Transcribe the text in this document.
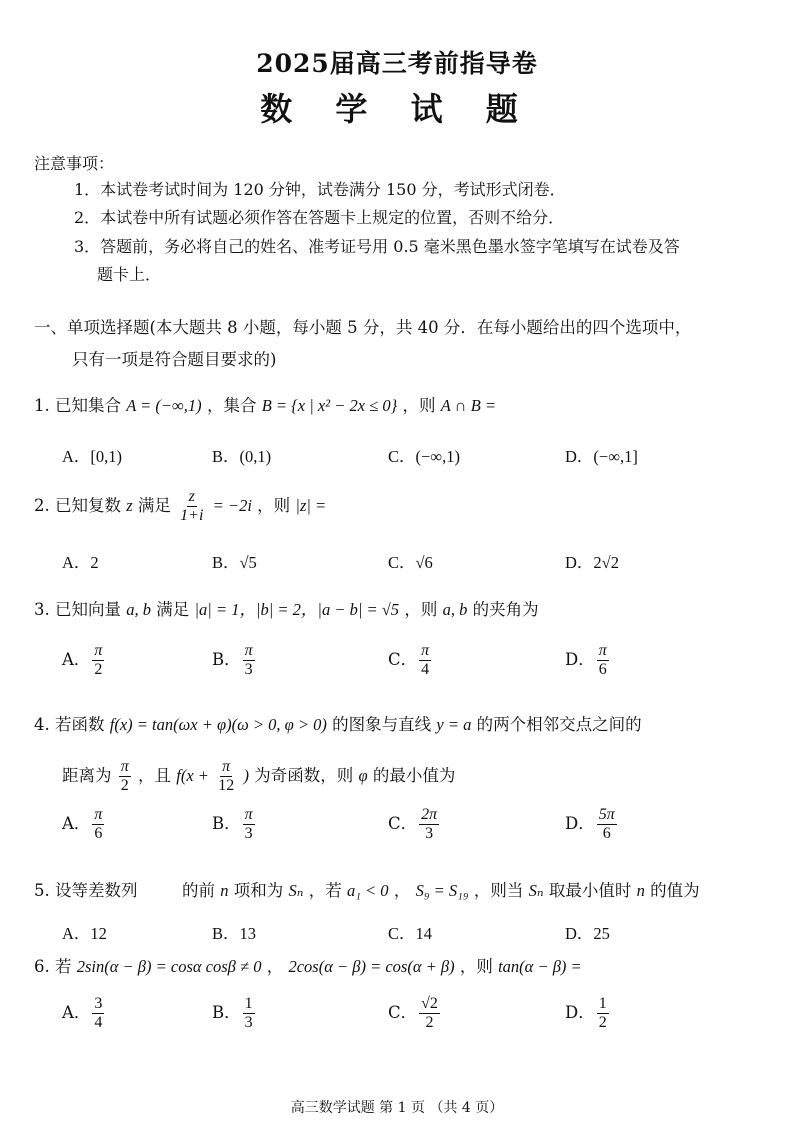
2025届高三考前指导卷
数 学 试 题
注意事项：
1．本试卷考试时间为 120 分钟，试卷满分 150 分，考试形式闭卷．
2．本试卷中所有试题必须作答在答题卡上规定的位置，否则不给分．
3．答题前，务必将自己的姓名、准考证号用 0.5 毫米黑色墨水签字笔填写在试卷及答
题卡上．
一、单项选择题(本大题共 8 小题，每小题 5 分，共 40 分．在每小题给出的四个选项中，
只有一项是符合题目要求的)
1. 已知集合 A = (−∞,1) ，集合 B = {x | x² − 2x ≤ 0} ，则 A ∩ B =
A．[0,1)	B．(0,1)	C．(−∞,1)	D．(−∞,1]
2. 已知复数 z 满足 $\frac{z}{1+i} = -2i$ ，则 |z| =
A．2	B．√5	C．√6	D．2√2
3. 已知向量 a, b 满足 |a| = 1，|b| = 2，|a − b| = √5 ，则 a, b 的夹角为
A． $\frac{\pi}{2}$	B． $\frac{\pi}{3}$	C． $\frac{\pi}{4}$	D． $\frac{\pi}{6}$
4. 若函数 f(x) = tan(ωx + φ)(ω > 0, φ > 0) 的图象与直线 y = a 的两个相邻交点之间的
距离为 $\frac{\pi}{2}$ ，且 $f(x + \frac{\pi}{12}$ ) 为奇函数，则 φ 的最小值为
A． $\frac{\pi}{6}$	B． $\frac{\pi}{3}$	C． $\frac{2\pi}{3}$	D． $\frac{5\pi}{6}$
5. 设等差数列	的前 n 项和为 Sₙ ，若 a₁ < 0 ， S₉ = S₁₉ ，则当 Sₙ 取最小值时 n 的值为
A．12	B．13	C．14	D．25
6. 若 2sin(α − β) = cosα cosβ ≠ 0 ， 2cos(α − β) = cos(α + β) ，则 tan(α − β) =
A． $\frac{3}{4}$	B． $\frac{1}{3}$	C． $\frac{√2}{2}$	D． $\frac{1}{2}$
高三数学试题 第 1 页 （共 4 页）
